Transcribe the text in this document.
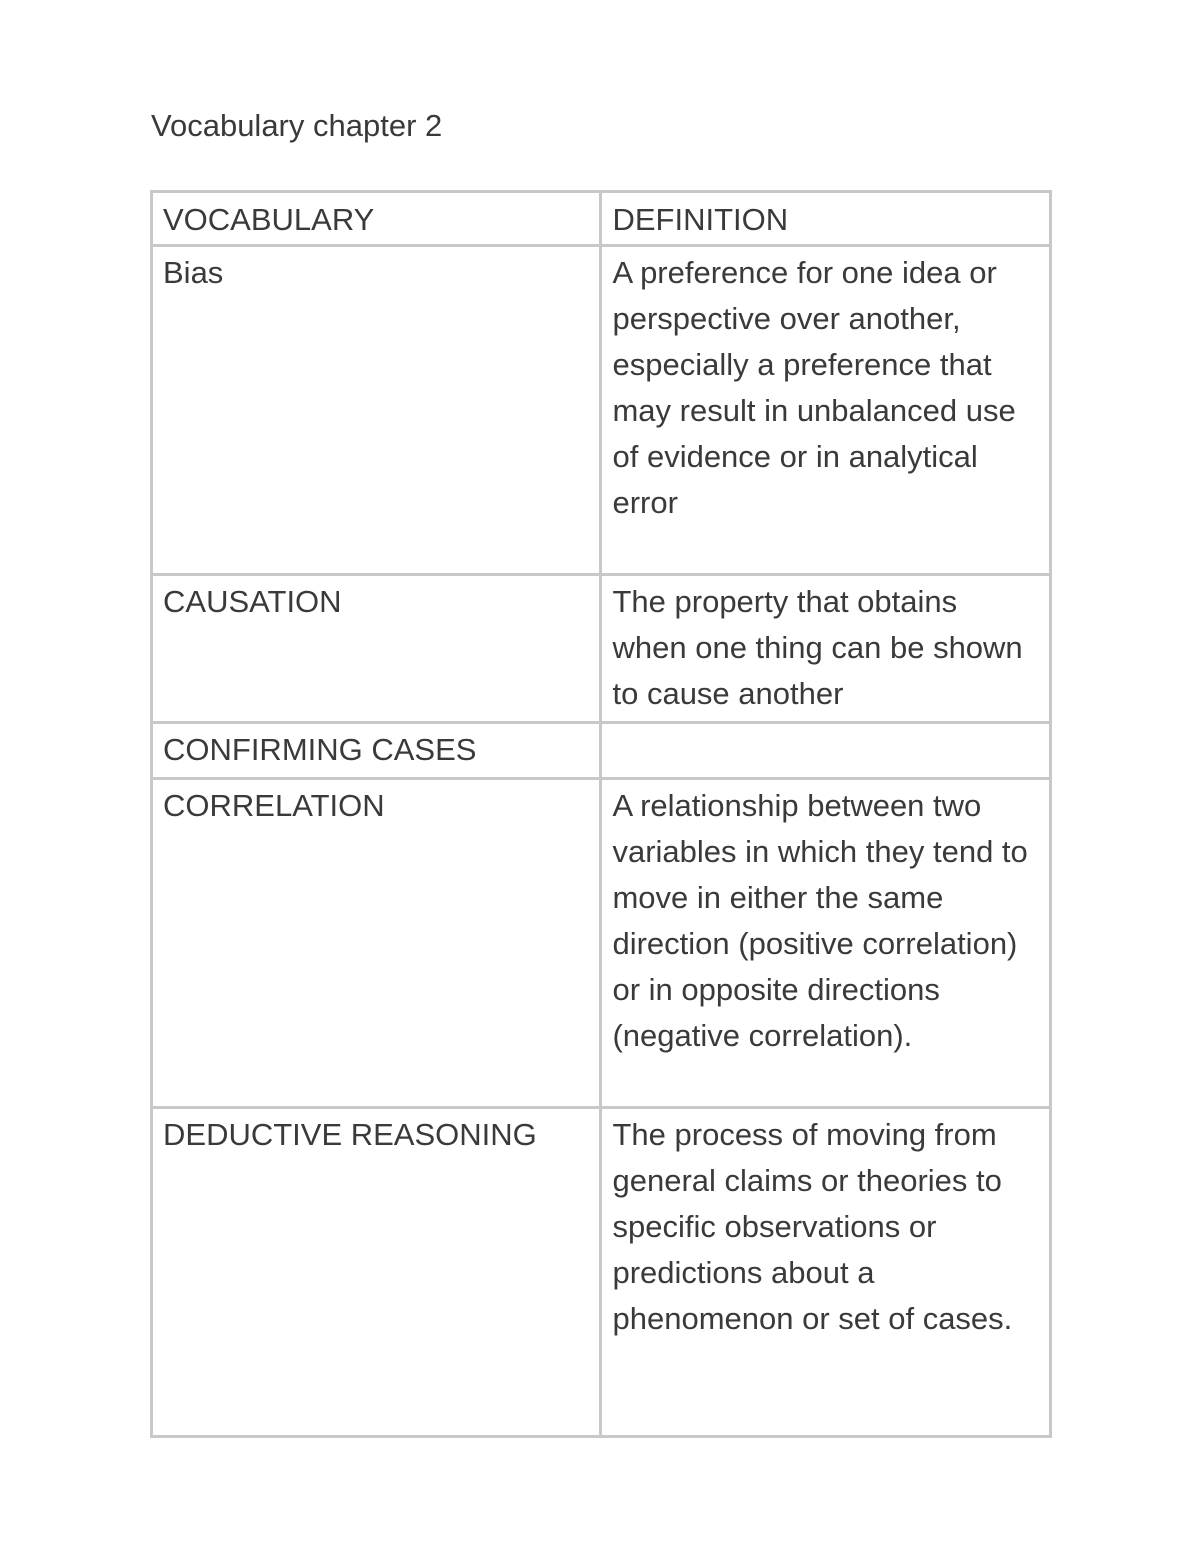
Vocabulary chapter 2
VOCABULARY	DEFINITION
Bias	A preference for one idea or perspective over another, especially a preference that may result in unbalanced use of evidence or in analytical error
CAUSATION	The property that obtains when one thing can be shown to cause another
CONFIRMING CASES	
CORRELATION	A relationship between two variables in which they tend to move in either the same direction (positive correlation) or in opposite directions (negative correlation).
DEDUCTIVE REASONING	The process of moving from general claims or theories to specific observations or predictions about a phenomenon or set of cases.
